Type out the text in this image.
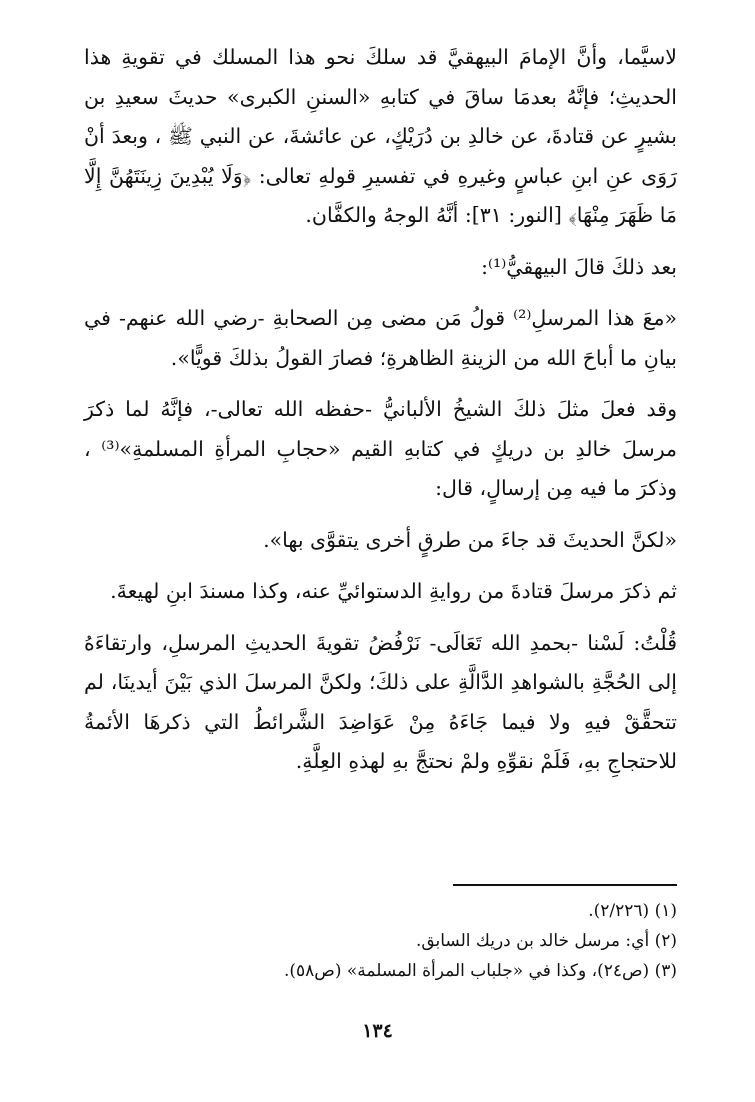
لاسيَّما، وأنَّ الإمامَ البيهقيَّ قد سلكَ نحو هذا المسلك في تقويةِ هذا الحديثِ؛ فإنَّهُ بعدمَا ساقَ في كتابهِ «السننِ الكبرى» حديثَ سعيدِ بن بشيرٍ عن قتادةَ، عن خالدِ بن دُرَيْكٍ، عن عائشةَ، عن النبي ﷺ ، وبعدَ أنْ رَوَى عنِ ابنِ عباسٍ وغيرهِ في تفسيرِ قولهِ تعالى: ﴿وَلَا يُبْدِينَ زِينَتَهُنَّ إِلَّا مَا ظَهَرَ مِنْهَا﴾ [النور: ٣١]: أنَّهُ الوجهُ والكفَّان.

بعد ذلكَ قالَ البيهقيُّ⁽¹⁾:

«معَ هذا المرسلِ⁽²⁾ قولُ مَن مضى مِن الصحابةِ -رضي الله عنهم- في بيانِ ما أباحَ الله من الزينةِ الظاهرةِ؛ فصارَ القولُ بذلكَ قويًّا».

وقد فعلَ مثلَ ذلكَ الشيخُ الألبانيُّ -حفظه الله تعالى-، فإنَّهُ لما ذكرَ مرسلَ خالدِ بن دريكٍ في كتابهِ القيم «حجابِ المرأةِ المسلمةِ»⁽³⁾ ، وذكرَ ما فيه مِن إرسالٍ، قال:

«لكنَّ الحديثَ قد جاءَ من طرقٍ أخرى يتقوَّى بها».

ثم ذكرَ مرسلَ قتادةَ من روايةِ الدستوائيِّ عنه، وكذا مسندَ ابنِ لهيعةَ.

قُلْتُ: لَسْنا -بحمدِ الله تَعَالَى- نَرْفُضُ تقويةَ الحديثِ المرسلِ، وارتقاءَهُ إلى الحُجَّةِ بالشواهدِ الدَّالَّةِ على ذلكَ؛ ولكنَّ المرسلَ الذي بَيْنَ أيدينَا، لم تتحقَّقْ فيهِ ولا فيما جَاءَهُ مِنْ عَوَاضِدَ الشَّرائطُ التي ذكرهَا الأئمةُ للاحتجاجِ بهِ، فَلَمْ نقوِّهِ ولمْ نحتجَّ بهِ لهذهِ العِلَّةِ.

(١) (٢/٢٢٦).

(٢) أي: مرسل خالد بن دريك السابق.

(٣) (ص٢٤)، وكذا في «جلباب المرأة المسلمة» (ص٥٨).

١٣٤
